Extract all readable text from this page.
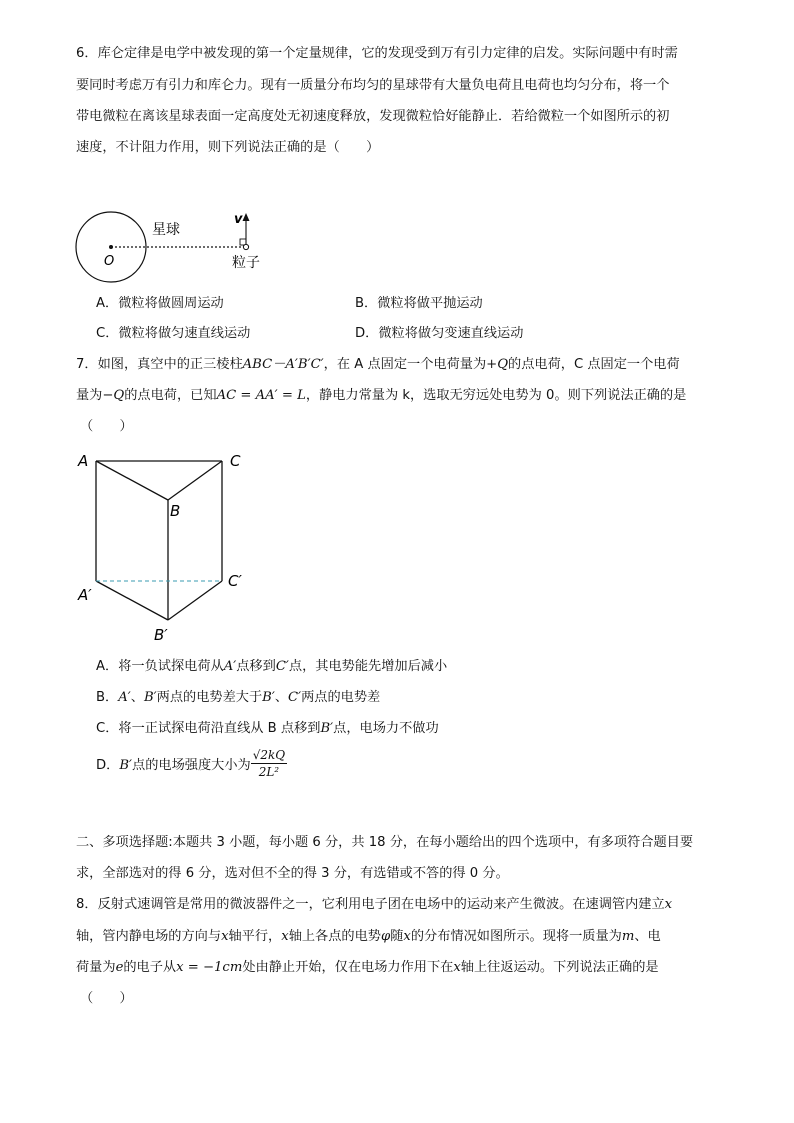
6．库仑定律是电学中被发现的第一个定量规律，它的发现受到万有引力定律的启发。实际问题中有时需
要同时考虑万有引力和库仑力。现有一质量分布均匀的星球带有大量负电荷且电荷也均匀分布，将一个
带电微粒在离该星球表面一定高度处无初速度释放，发现微粒恰好能静止．若给微粒一个如图所示的初
速度，不计阻力作用，则下列说法正确的是（　　）
星球
O
v
粒子
A．微粒将做圆周运动	B．微粒将做平抛运动
C．微粒将做匀速直线运动	D．微粒将做匀变速直线运动
7．如图，真空中的正三棱柱ABC－A′B′C′，在 A 点固定一个电荷量为+Q的点电荷，C 点固定一个电荷
量为−Q的点电荷，已知AC = AA′ = L，静电力常量为 k，选取无穷远处电势为 0。则下列说法正确的是
（　　）
A	C
B
A′
C′
B′
A．将一负试探电荷从A′点移到C′点，其电势能先增加后减小
B．A′、B′两点的电势差大于B′、C′两点的电势差
C．将一正试探电荷沿直线从 B 点移到B′点，电场力不做功
D．B′点的电场强度大小为 $\frac{√2kQ}{\text{2L²}}$
二、多项选择题:本题共 3 小题，每小题 6 分，共 18 分，在每小题给出的四个选项中，有多项符合题目要
求，全部选对的得 6 分，选对但不全的得 3 分，有选错或不答的得 0 分。
8．反射式速调管是常用的微波器件之一，它利用电子团在电场中的运动来产生微波。在速调管内建立x
轴，管内静电场的方向与x轴平行，x轴上各点的电势φ随x的分布情况如图所示。现将一质量为m、电
荷量为e的电子从x = −1cm处由静止开始，仅在电场力作用下在x轴上往返运动。下列说法正确的是
（　　）
